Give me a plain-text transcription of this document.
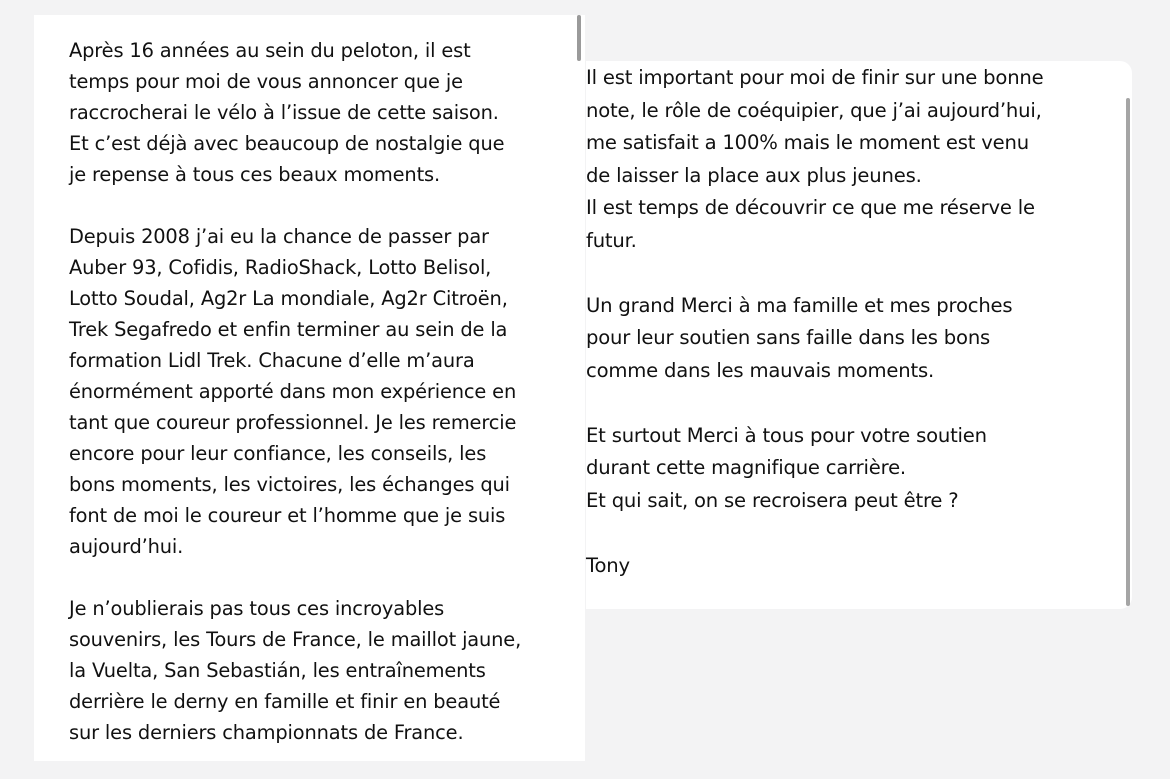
Après 16 années au sein du peloton, il est
temps pour moi de vous annoncer que je
raccrocherai le vélo à l’issue de cette saison.
Et c’est déjà avec beaucoup de nostalgie que
je repense à tous ces beaux moments.

Depuis 2008 j’ai eu la chance de passer par
Auber 93, Cofidis, RadioShack, Lotto Belisol,
Lotto Soudal, Ag2r La mondiale, Ag2r Citroën,
Trek Segafredo et enfin terminer au sein de la
formation Lidl Trek. Chacune d’elle m’aura
énormément apporté dans mon expérience en
tant que coureur professionnel. Je les remercie
encore pour leur confiance, les conseils, les
bons moments, les victoires, les échanges qui
font de moi le coureur et l’homme que je suis
aujourd’hui.

Je n’oublierais pas tous ces incroyables
souvenirs, les Tours de France, le maillot jaune,
la Vuelta, San Sebastián, les entraînements
derrière le derny en famille et finir en beauté
sur les derniers championnats de France.

Il est important pour moi de finir sur une bonne
note, le rôle de coéquipier, que j’ai aujourd’hui,
me satisfait a 100% mais le moment est venu
de laisser la place aux plus jeunes.
Il est temps de découvrir ce que me réserve le
futur.

Un grand Merci à ma famille et mes proches
pour leur soutien sans faille dans les bons
comme dans les mauvais moments.

Et surtout Merci à tous pour votre soutien
durant cette magnifique carrière.
Et qui sait, on se recroisera peut être ?

Tony
